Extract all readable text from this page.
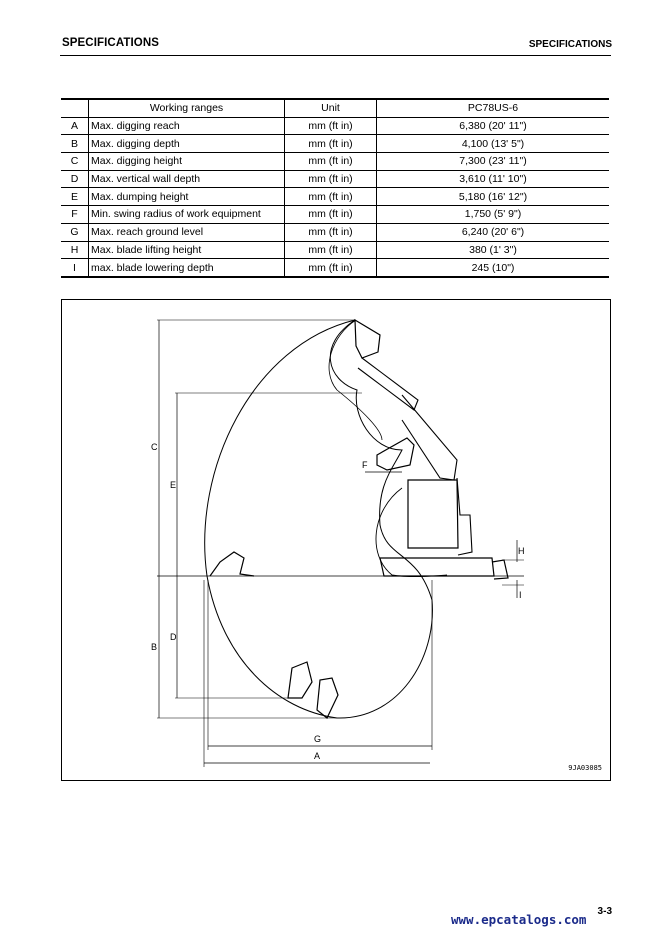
SPECIFICATIONS	SPECIFICATIONS
	Working ranges	Unit	PC78US-6
A	Max. digging reach	mm (ft in)	6,380 (20' 11")
B	Max. digging depth	mm (ft in)	4,100 (13' 5")
C	Max. digging height	mm (ft in)	7,300 (23' 11")
D	Max. vertical wall depth	mm (ft in)	3,610 (11' 10")
E	Max. dumping height	mm (ft in)	5,180 (16' 12")
F	Min. swing radius of work equipment	mm (ft in)	1,750 (5' 9")
G	Max. reach ground level	mm (ft in)	6,240 (20' 6")
H	Max. blade lifting height	mm (ft in)	380 (1' 3")
I	max. blade lowering depth	mm (ft in)	245 (10")
C
E
D
B
F
H
I
G
A
9JA03085
3-3
www.epcatalogs.com
